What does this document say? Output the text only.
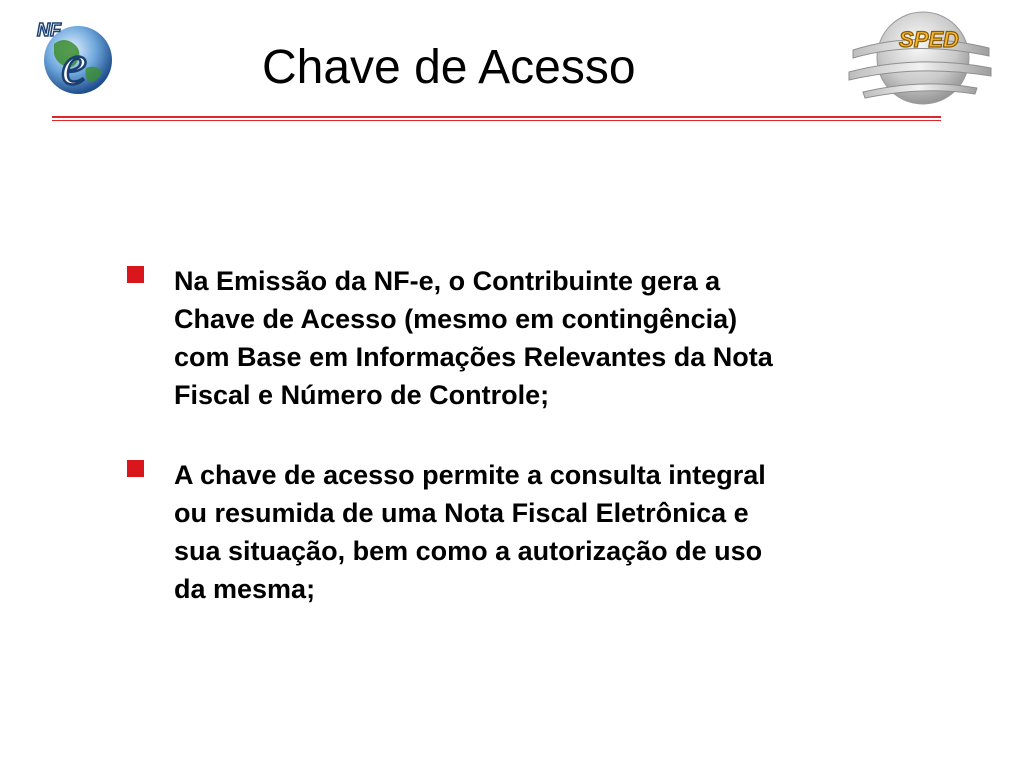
e
NF
Chave de Acesso
SPED
Na Emissão da NF-e, o Contribuinte gera a
Chave de Acesso (mesmo em contingência)
com Base em Informações Relevantes da Nota
Fiscal e Número de Controle;
A chave de acesso permite a consulta integral
ou resumida de uma Nota Fiscal Eletrônica e
sua situação, bem como a autorização de uso
da mesma;
